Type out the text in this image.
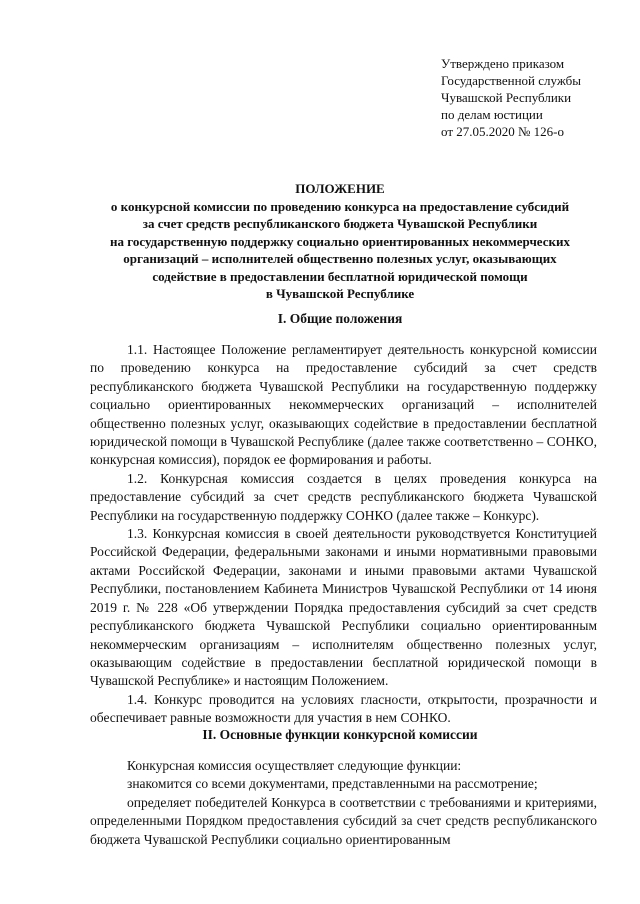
Утверждено приказом
Государственной службы
Чувашской Республики
по делам юстиции
от 27.05.2020 № 126-о
ПОЛОЖЕНИЕ
о конкурсной комиссии по проведению конкурса на предоставление субсидий
за счет средств республиканского бюджета Чувашской Республики
на государственную поддержку социально ориентированных некоммерческих
организаций – исполнителей общественно полезных услуг, оказывающих
содействие в предоставлении бесплатной юридической помощи
в Чувашской Республике
I. Общие положения

1.1. Настоящее Положение регламентирует деятельность конкурсной комиссии по проведению конкурса на предоставление субсидий за счет средств республиканского бюджета Чувашской Республики на государственную поддержку социально ориентированных некоммерческих организаций – исполнителей общественно полезных услуг, оказывающих содействие в предоставлении бесплатной юридической помощи в Чувашской Республике (далее также соответственно – СОНКО, конкурсная комиссия), порядок ее формирования и работы.

1.2. Конкурсная комиссия создается в целях проведения конкурса на предоставление субсидий за счет средств республиканского бюджета Чувашской Республики на государственную поддержку СОНКО (далее также – Конкурс).

1.3. Конкурсная комиссия в своей деятельности руководствуется Конституцией Российской Федерации, федеральными законами и иными нормативными правовыми актами Российской Федерации, законами и иными правовыми актами Чувашской Республики, постановлением Кабинета Министров Чувашской Республики от 14 июня 2019 г. № 228 «Об утверждении Порядка предоставления субсидий за счет средств республиканского бюджета Чувашской Республики социально ориентированным некоммерческим организациям – исполнителям общественно полезных услуг, оказывающим содействие в предоставлении бесплатной юридической помощи в Чувашской Республике» и настоящим Положением.

1.4. Конкурс проводится на условиях гласности, открытости, прозрачности и обеспечивает равные возможности для участия в нем СОНКО.

II. Основные функции конкурсной комиссии

Конкурсная комиссия осуществляет следующие функции:

знакомится со всеми документами, представленными на рассмотрение;

определяет победителей Конкурса в соответствии с требованиями и критериями, определенными Порядком предоставления субсидий за счет средств республиканского бюджета Чувашской Республики социально ориентированным
